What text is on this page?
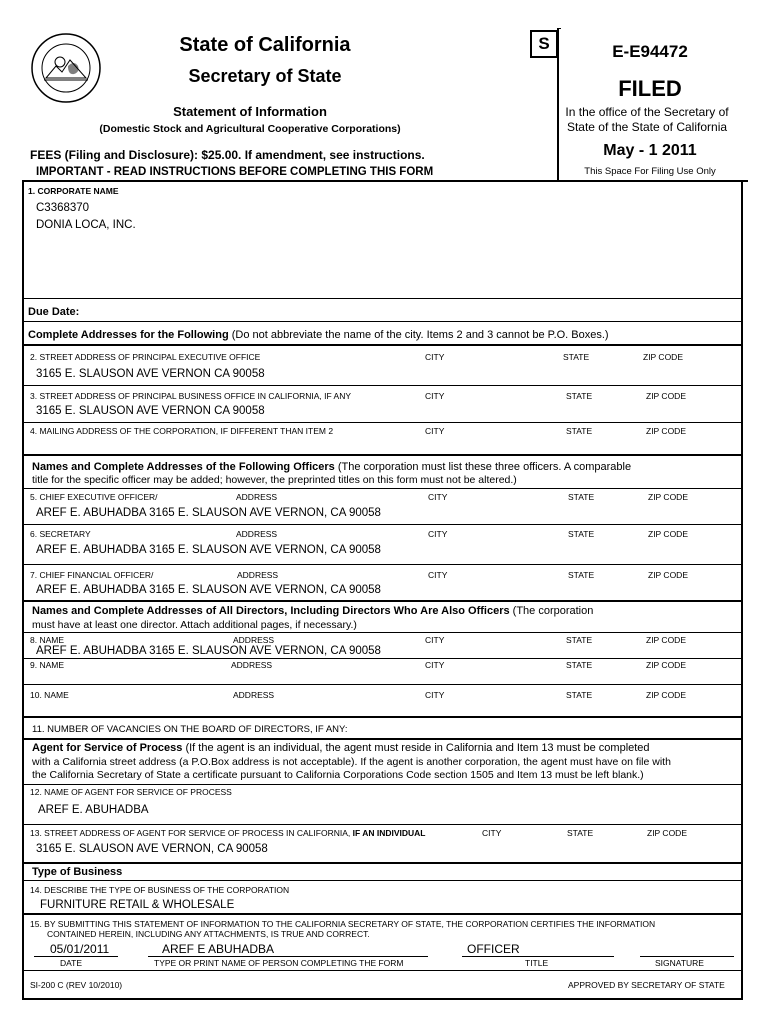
State of California
Secretary of State
Statement of Information
(Domestic Stock and Agricultural Cooperative Corporations)
FEES (Filing and Disclosure): $25.00. If amendment, see instructions.
IMPORTANT - READ INSTRUCTIONS BEFORE COMPLETING THIS FORM
S	E-E94472
FILED
In the office of the Secretary of
State of the State of California
May - 1 2011
This Space For Filing Use Only
1. CORPORATE NAME
C3368370
DONIA LOCA, INC.
Due Date:
Complete Addresses for the Following (Do not abbreviate the name of the city. Items 2 and 3 cannot be P.O. Boxes.)
2. STREET ADDRESS OF PRINCIPAL EXECUTIVE OFFICE	CITY	STATE	ZIP CODE
3165 E. SLAUSON AVE VERNON CA 90058
3. STREET ADDRESS OF PRINCIPAL BUSINESS OFFICE IN CALIFORNIA, IF ANY	CITY	STATE	ZIP CODE
3165 E. SLAUSON AVE VERNON CA 90058
4. MAILING ADDRESS OF THE CORPORATION, IF DIFFERENT THAN ITEM 2	CITY	STATE	ZIP CODE
Names and Complete Addresses of the Following Officers (The corporation must list these three officers. A comparable
title for the specific officer may be added; however, the preprinted titles on this form must not be altered.)
5. CHIEF EXECUTIVE OFFICER/	ADDRESS	CITY	STATE	ZIP CODE
AREF E. ABUHADBA 3165 E. SLAUSON AVE VERNON, CA 90058
6. SECRETARY	ADDRESS	CITY	STATE	ZIP CODE
AREF E. ABUHADBA 3165 E. SLAUSON AVE VERNON, CA 90058
7. CHIEF FINANCIAL OFFICER/	ADDRESS	CITY	STATE	ZIP CODE
AREF E. ABUHADBA 3165 E. SLAUSON AVE VERNON, CA 90058
Names and Complete Addresses of All Directors, Including Directors Who Are Also Officers (The corporation
must have at least one director. Attach additional pages, if necessary.)
8. NAME	ADDRESS	CITY	STATE	ZIP CODE
AREF E. ABUHADBA 3165 E. SLAUSON AVE VERNON, CA 90058
9. NAME	ADDRESS	CITY	STATE	ZIP CODE
10. NAME	ADDRESS	CITY	STATE	ZIP CODE
11. NUMBER OF VACANCIES ON THE BOARD OF DIRECTORS, IF ANY:
Agent for Service of Process (If the agent is an individual, the agent must reside in California and Item 13 must be completed
with a California street address (a P.O.Box address is not acceptable). If the agent is another corporation, the agent must have on file with
the California Secretary of State a certificate pursuant to California Corporations Code section 1505 and Item 13 must be left blank.)
12. NAME OF AGENT FOR SERVICE OF PROCESS
AREF E. ABUHADBA
13. STREET ADDRESS OF AGENT FOR SERVICE OF PROCESS IN CALIFORNIA, IF AN INDIVIDUAL	CITY	STATE	ZIP CODE
3165 E. SLAUSON AVE VERNON, CA 90058
Type of Business
14. DESCRIBE THE TYPE OF BUSINESS OF THE CORPORATION
FURNITURE RETAIL & WHOLESALE
15. BY SUBMITTING THIS STATEMENT OF INFORMATION TO THE CALIFORNIA SECRETARY OF STATE, THE CORPORATION CERTIFIES THE INFORMATION
CONTAINED HEREIN, INCLUDING ANY ATTACHMENTS, IS TRUE AND CORRECT.
05/01/2011	AREF E ABUHADBA	OFFICER
DATE	TYPE OR PRINT NAME OF PERSON COMPLETING THE FORM	TITLE	SIGNATURE
SI-200 C (REV 10/2010)	APPROVED BY SECRETARY OF STATE
